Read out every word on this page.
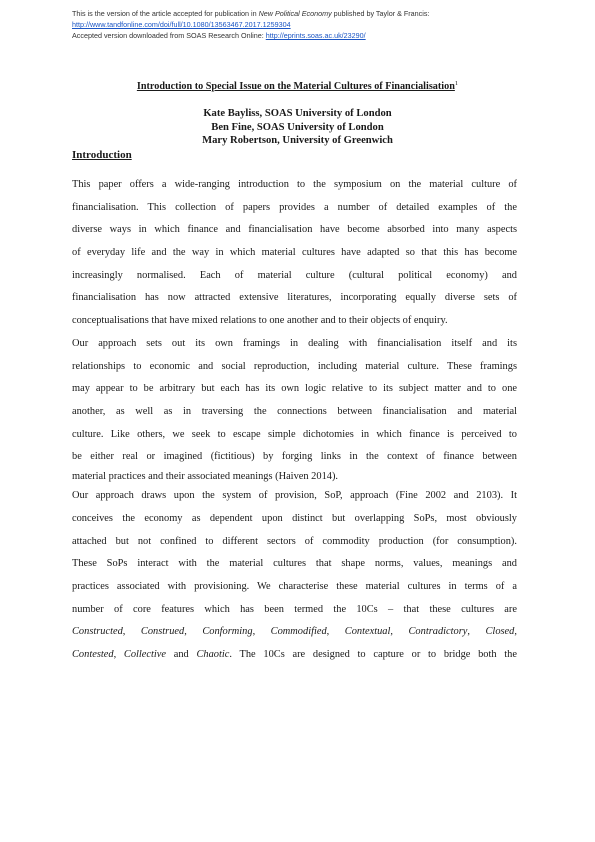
This is the version of the article accepted for publication in New Political Economy published by Taylor & Francis:
http://www.tandfonline.com/doi/full/10.1080/13563467.2017.1259304
Accepted version downloaded from SOAS Research Online: http://eprints.soas.ac.uk/23290/
Introduction to Special Issue on the Material Cultures of Financialisation$^1$
Kate Bayliss, SOAS University of London
Ben Fine, SOAS University of London
Mary Robertson, University of Greenwich
Introduction
This paper offers a wide-ranging introduction to the symposium on the material culture of
financialisation. This collection of papers provides a number of detailed examples of the
diverse ways in which finance and financialisation have become absorbed into many aspects
of everyday life and the way in which material cultures have adapted so that this has become
increasingly normalised. Each of material culture (cultural political economy) and
financialisation has now attracted extensive literatures, incorporating equally diverse sets of
conceptualisations that have mixed relations to one another and to their objects of enquiry.
Our approach sets out its own framings in dealing with financialisation itself and its
relationships to economic and social reproduction, including material culture. These framings
may appear to be arbitrary but each has its own logic relative to its subject matter and to one
another, as well as in traversing the connections between financialisation and material
culture. Like others, we seek to escape simple dichotomies in which finance is perceived to
be either real or imagined (fictitious) by forging links in the context of finance between
material practices and their associated meanings (Haiven 2014).
Our approach draws upon the system of provision, SoP, approach (Fine 2002 and 2103). It
conceives the economy as dependent upon distinct but overlapping SoPs, most obviously
attached but not confined to different sectors of commodity production (for consumption).
These SoPs interact with the material cultures that shape norms, values, meanings and
practices associated with provisioning. We characterise these material cultures in terms of a
number of core features which has been termed the 10Cs – that these cultures are
Constructed, Construed, Conforming, Commodified, Contextual, Contradictory, Closed,
Contested, Collective and Chaotic. The 10Cs are designed to capture or to bridge both the
